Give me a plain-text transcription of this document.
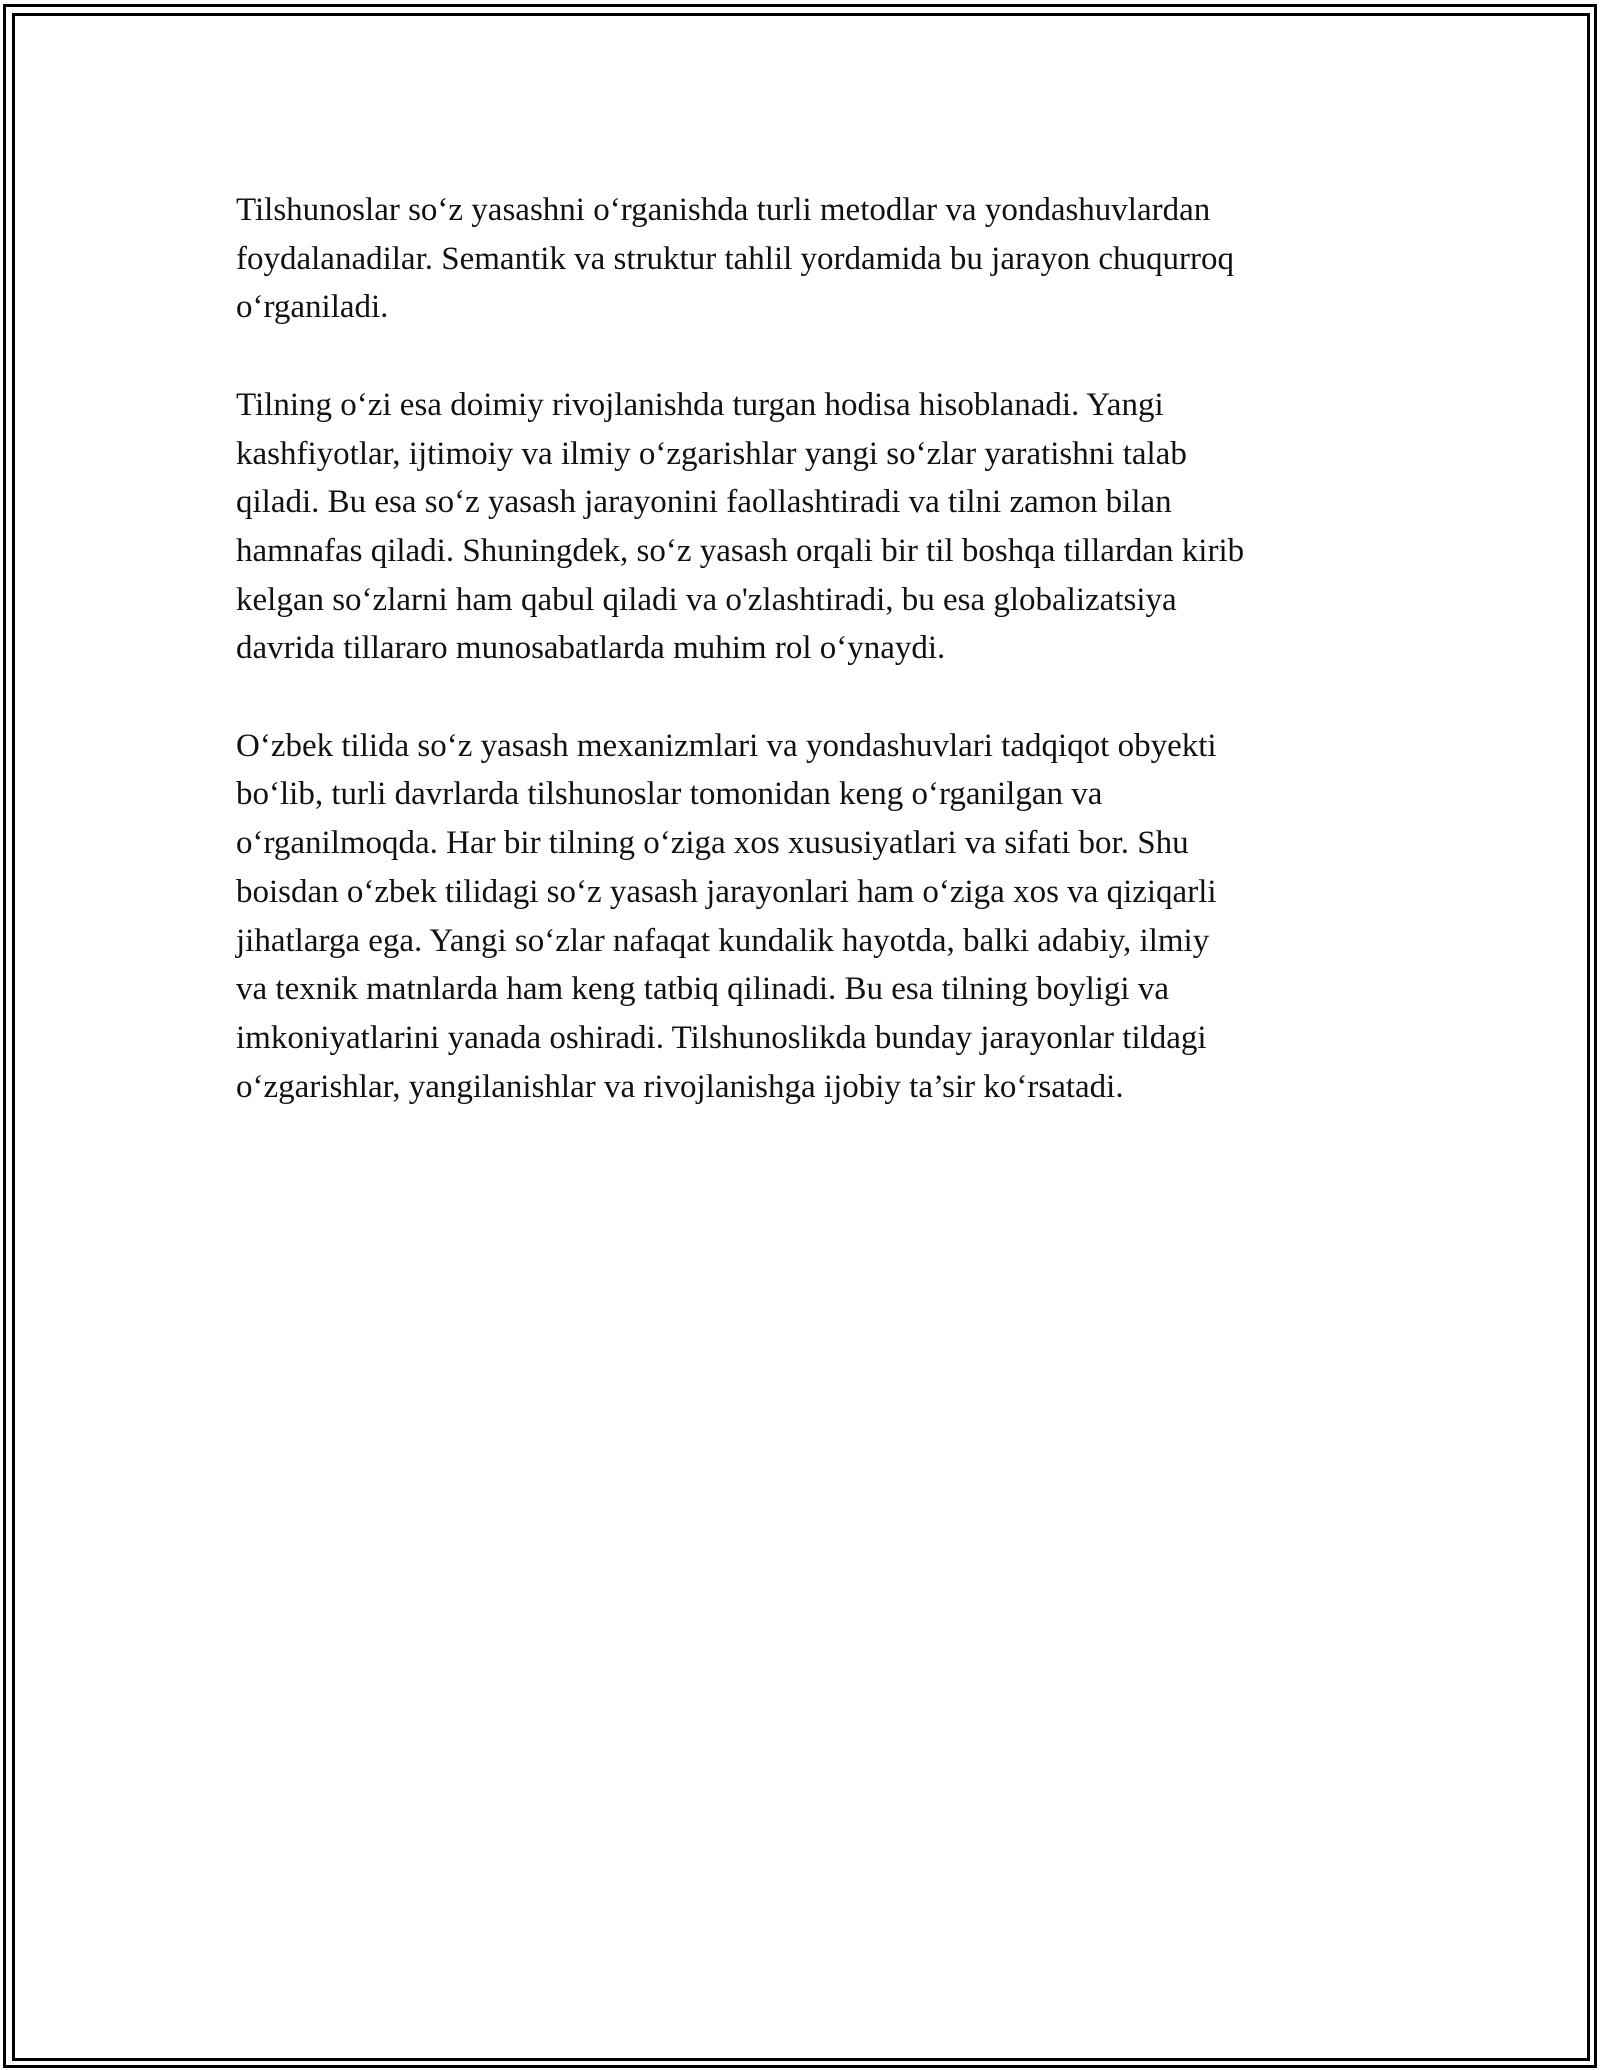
Tilshunoslar so‘z yasashni o‘rganishda turli metodlar va yondashuvlardan
foydalanadilar. Semantik va struktur tahlil yordamida bu jarayon chuqurroq
o‘rganiladi.

Tilning o‘zi esa doimiy rivojlanishda turgan hodisa hisoblanadi. Yangi
kashfiyotlar, ijtimoiy va ilmiy o‘zgarishlar yangi so‘zlar yaratishni talab
qiladi. Bu esa so‘z yasash jarayonini faollashtiradi va tilni zamon bilan
hamnafas qiladi. Shuningdek, so‘z yasash orqali bir til boshqa tillardan kirib
kelgan so‘zlarni ham qabul qiladi va o'zlashtiradi, bu esa globalizatsiya
davrida tillararo munosabatlarda muhim rol o‘ynaydi.

O‘zbek tilida so‘z yasash mexanizmlari va yondashuvlari tadqiqot obyekti
bo‘lib, turli davrlarda tilshunoslar tomonidan keng o‘rganilgan va
o‘rganilmoqda. Har bir tilning o‘ziga xos xususiyatlari va sifati bor. Shu
boisdan o‘zbek tilidagi so‘z yasash jarayonlari ham o‘ziga xos va qiziqarli
jihatlarga ega. Yangi so‘zlar nafaqat kundalik hayotda, balki adabiy, ilmiy
va texnik matnlarda ham keng tatbiq qilinadi. Bu esa tilning boyligi va
imkoniyatlarini yanada oshiradi. Tilshunoslikda bunday jarayonlar tildagi
o‘zgarishlar, yangilanishlar va rivojlanishga ijobiy ta’sir ko‘rsatadi.
